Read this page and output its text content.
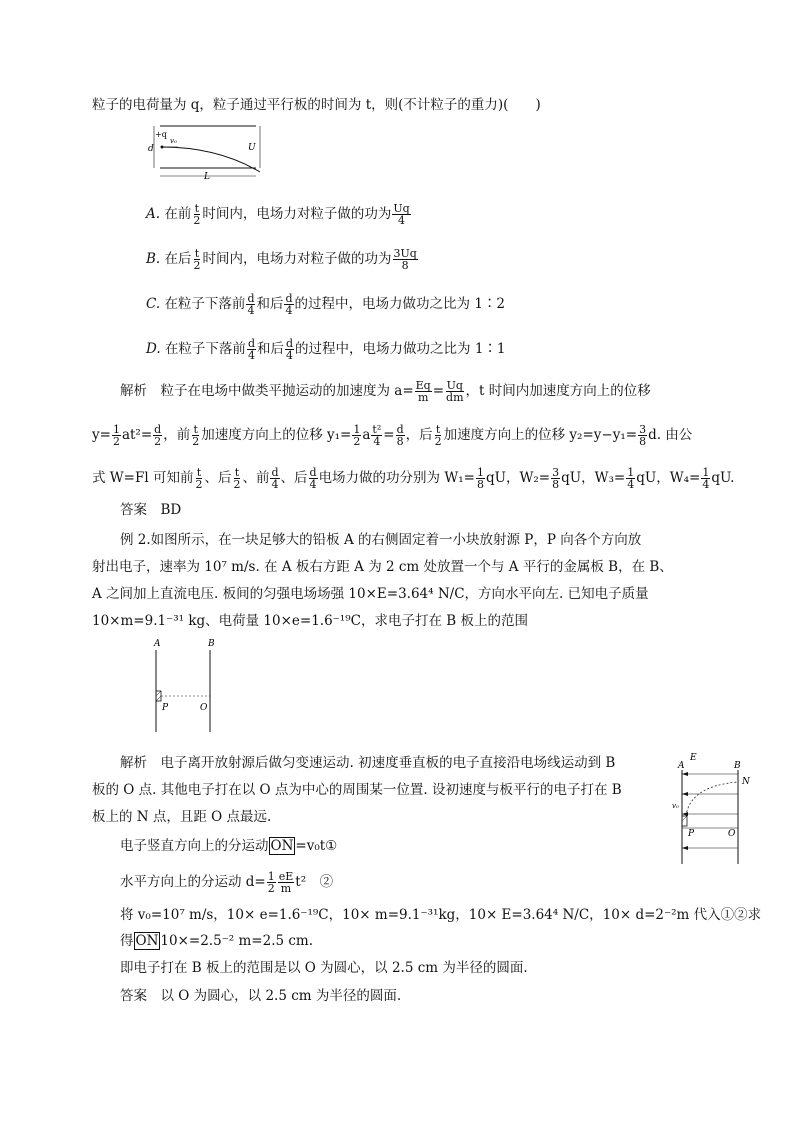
粒子的电荷量为 q，粒子通过平行板的时间为 t，则(不计粒子的重力)(　　)
+q
v₀
d	U
L
A. 在前 $\frac{t}{2}$ 时间内，电场力对粒子做的功为 $\frac{Uq}{4}$
B. 在后 $\frac{t}{2}$ 时间内，电场力对粒子做的功为 $\frac{3Uq}{8}$
C. 在粒子下落前 $\frac{d}{4}$ 和后 $\frac{d}{4}$ 的过程中，电场力做功之比为 1∶2
D. 在粒子下落前 $\frac{d}{4}$ 和后 $\frac{d}{4}$ 的过程中，电场力做功之比为 1∶1
解析　粒子在电场中做类平抛运动的加速度为 $a= \frac{Eq}{m} = \frac{Uq}{dm}$ ，t 时间内加速度方向上的位移
$y= \frac{1}{2} at^2= \frac{d}{2}$ ，前 $\frac{t}{2}$ 加速度方向上的位移 $y_1= \frac{1}{2}$ a $\frac{\text{t²}}{4} = \frac{d}{8}$ ，后 $\frac{t}{2}$ 加速度方向上的位移 $y_2=y-y_1= \frac{3}{8} d$. 由公
式 W=Fl 可知前 $\frac{t}{2}$ 、后 $\frac{t}{2}$ 、前 $\frac{d}{4}$ 、后 $\frac{d}{4}$ 电场力做的功分别为 $W_1= \frac{1}{8}$ qU，$W_2= \frac{3}{8}$ qU，$W_3= \frac{1}{4}$ qU，$W_4= \frac{1}{4}$ qU.
答案　BD
例 2.如图所示，在一块足够大的铅板 A 的右侧固定着一小块放射源 P，P 向各个方向放
射出电子，速率为 10⁷ m/s. 在 A 板右方距 A 为 2 cm 处放置一个与 A 平行的金属板 B，在 B、
A 之间加上直流电压. 板间的匀强电场场强 10×E=3.64⁴ N/C，方向水平向左. 已知电子质量
10×m=9.1⁻³¹ kg、电荷量 10×e=1.6⁻¹⁹C，求电子打在 B 板上的范围
A	B
P	O
解析　电子离开放射源后做匀变速运动. 初速度垂直板的电子直接沿电场线运动到 B
板的 O 点. 其他电子打在以 O 点为中心的周围某一位置. 设初速度与板平行的电子打在 B
板上的 N 点，且距 O 点最远.
电子竖直方向上的分运动 ON =v₀t①
水平方向上的分运动 $d= \frac{1}{2} \frac{eE}{m} t^2$　②
将 v₀=10⁷ m/s，10× e=1.6⁻¹⁹C，10× m=9.1⁻³¹kg，10× E=3.64⁴ N/C，10× d=2⁻²m 代入①②求
得 ON 10×=2.5⁻² m=2.5 cm.
即电子打在 B 板上的范围是以 O 为圆心，以 2.5 cm 为半径的圆面.
答案　以 O 为圆心，以 2.5 cm 为半径的圆面.
A
E
B
N
v₀
P	O
